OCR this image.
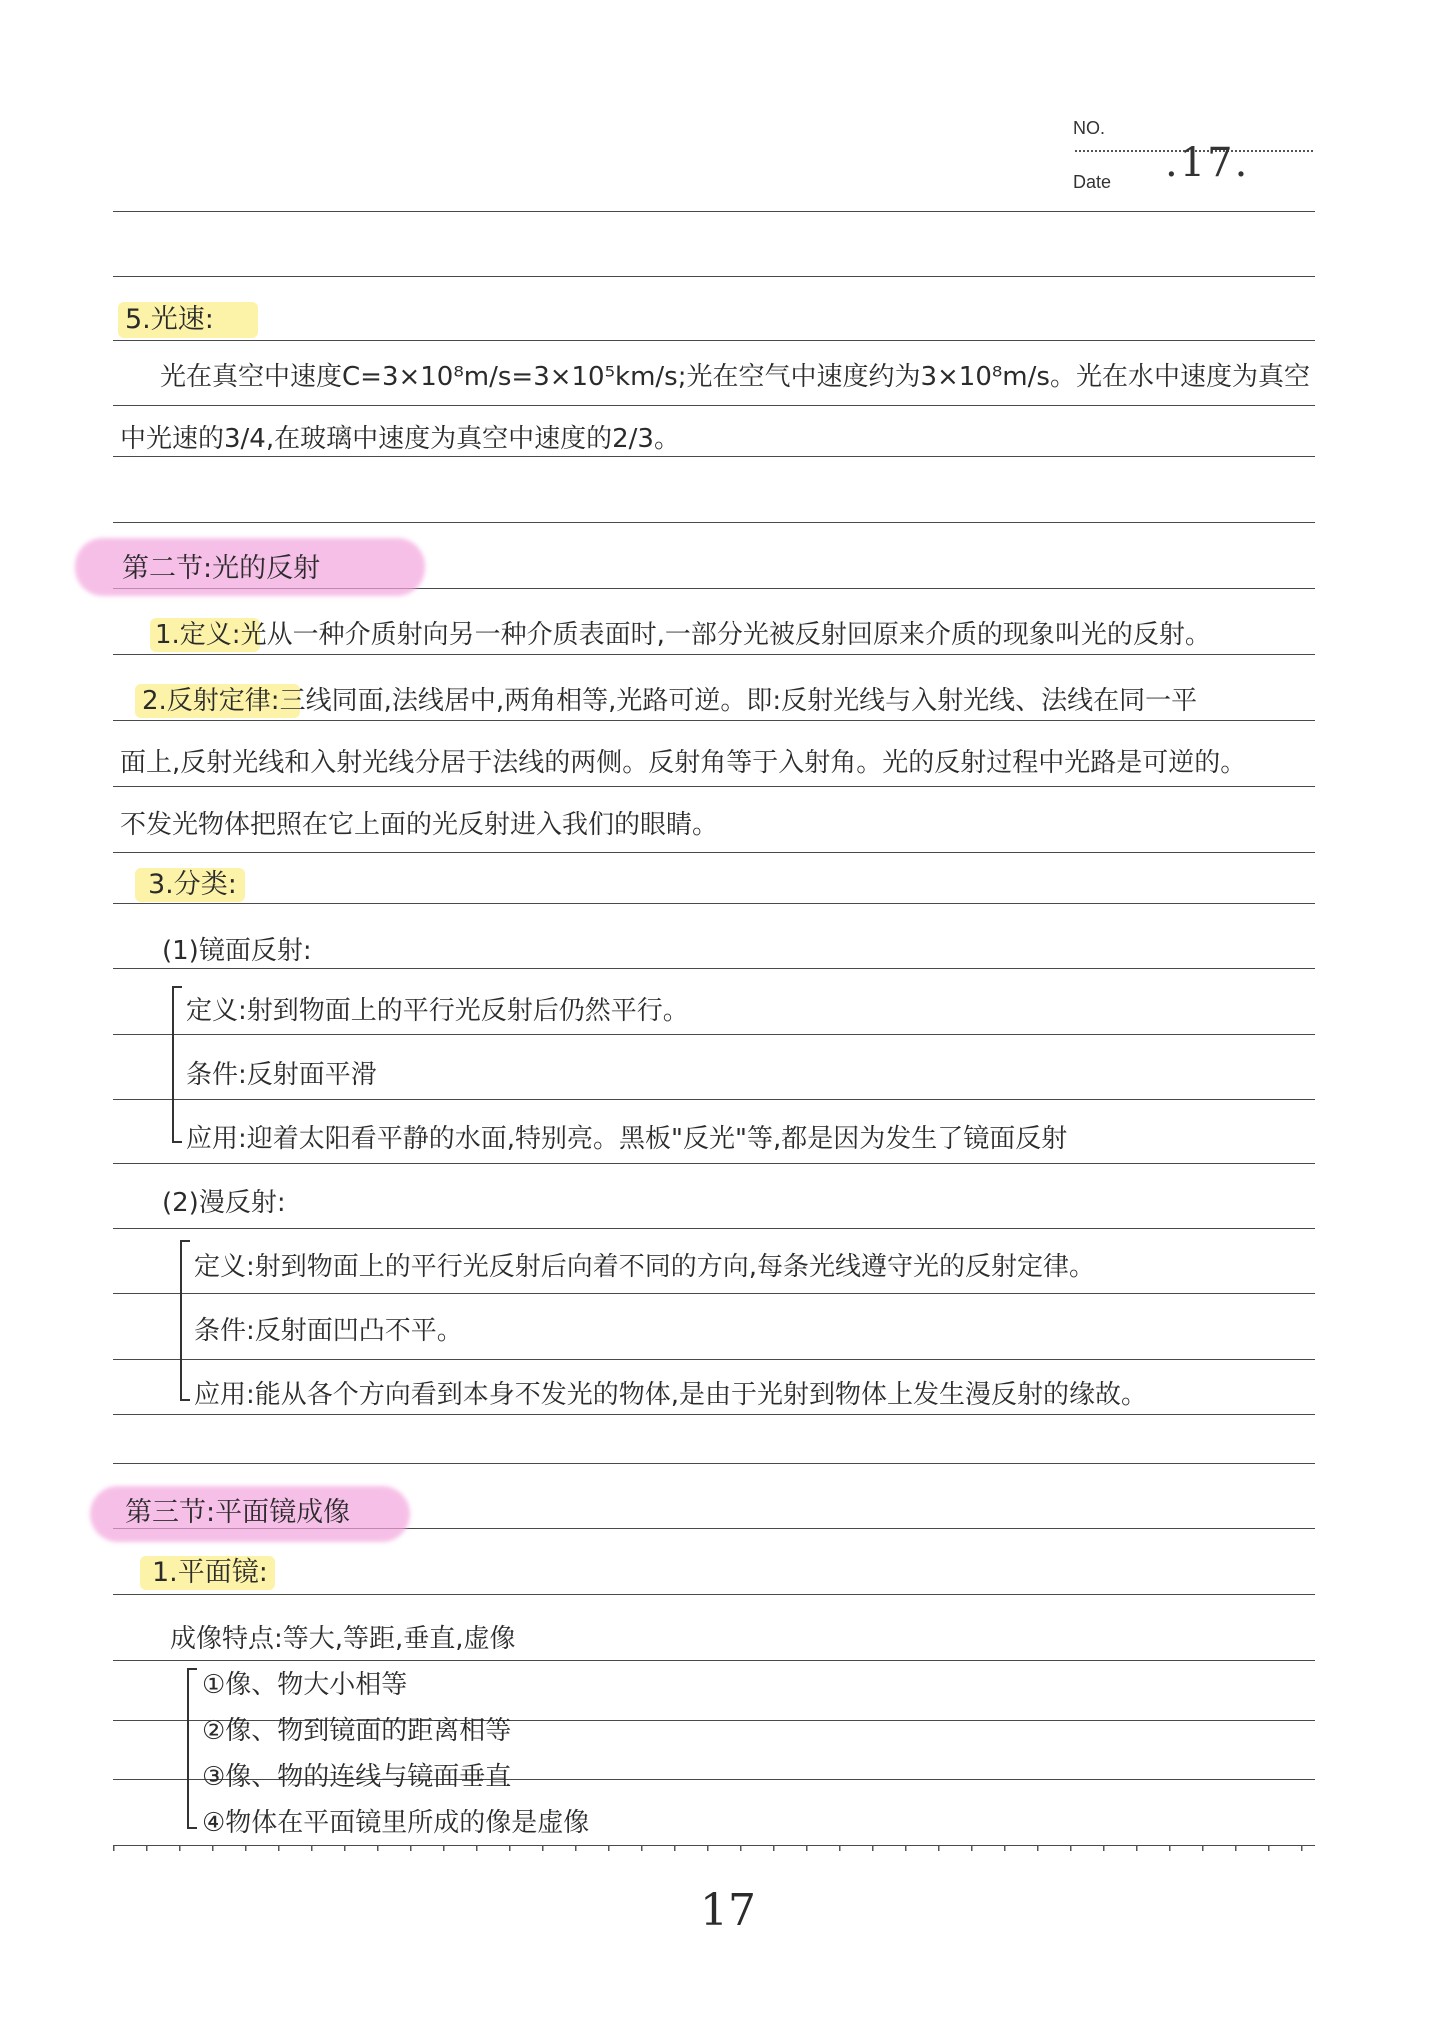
NO.
Date .17.
5.光速:
光在真空中速度C=3×10⁸m/s=3×10⁵km/s;光在空气中速度约为3×10⁸m/s。光在水中速度为真空
中光速的3/4,在玻璃中速度为真空中速度的2/3。
第二节:光的反射
1.定义:光从一种介质射向另一种介质表面时,一部分光被反射回原来介质的现象叫光的反射。
2.反射定律:三线同面,法线居中,两角相等,光路可逆。即:反射光线与入射光线、法线在同一平
面上,反射光线和入射光线分居于法线的两侧。反射角等于入射角。光的反射过程中光路是可逆的。
不发光物体把照在它上面的光反射进入我们的眼睛。
3.分类:
(1)镜面反射:
定义:射到物面上的平行光反射后仍然平行。
条件:反射面平滑
应用:迎着太阳看平静的水面,特别亮。黑板"反光"等,都是因为发生了镜面反射
(2)漫反射:
定义:射到物面上的平行光反射后向着不同的方向,每条光线遵守光的反射定律。
条件:反射面凹凸不平。
应用:能从各个方向看到本身不发光的物体,是由于光射到物体上发生漫反射的缘故。
第三节:平面镜成像
1.平面镜:
成像特点:等大,等距,垂直,虚像
①像、物大小相等
②像、物到镜面的距离相等
③像、物的连线与镜面垂直
④物体在平面镜里所成的像是虚像
17
